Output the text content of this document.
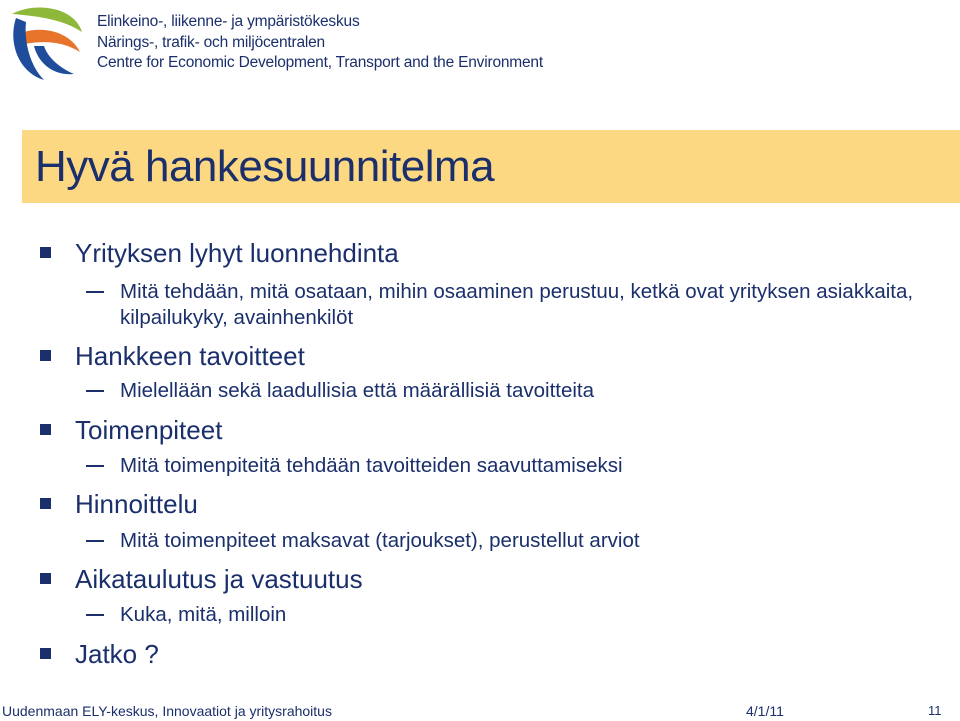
Elinkeino-, liikenne- ja ympäristökeskus
Närings-, trafik- och miljöcentralen
Centre for Economic Development, Transport and the Environment
Hyvä hankesuunnitelma
Yrityksen lyhyt luonnehdinta
Mitä tehdään, mitä osataan, mihin osaaminen perustuu, ketkä ovat yrityksen asiakkaita, kilpailukyky, avainhenkilöt
Hankkeen tavoitteet
Mielellään sekä laadullisia että määrällisiä tavoitteita
Toimenpiteet
Mitä toimenpiteitä tehdään tavoitteiden saavuttamiseksi
Hinnoittelu
Mitä toimenpiteet maksavat (tarjoukset), perustellut arviot
Aikataulutus ja vastuutus
Kuka, mitä, milloin
Jatko ?
Uudenmaan ELY-keskus, Innovaatiot ja yritysrahoitus	4/1/11	11
